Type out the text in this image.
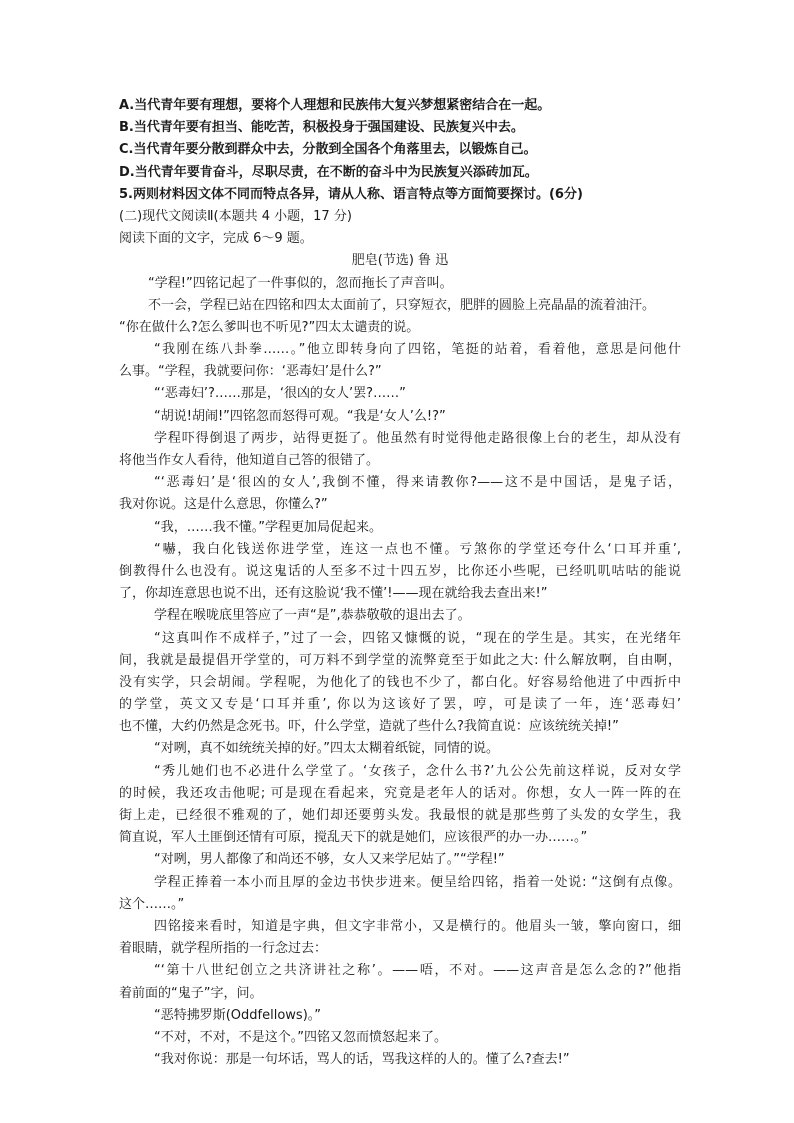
A.当代青年要有理想，要将个人理想和民族伟大复兴梦想紧密结合在一起。
B.当代青年要有担当、能吃苦，积极投身于强国建设、民族复兴中去。
C.当代青年要分散到群众中去，分散到全国各个角落里去，以锻炼自己。
D.当代青年要肯奋斗，尽职尽责，在不断的奋斗中为民族复兴添砖加瓦。
5.两则材料因文体不同而特点各异，请从人称、语言特点等方面简要探讨。(6分)
(二)现代文阅读Ⅱ(本题共 4 小题，17 分)
阅读下面的文字，完成 6～9 题。
肥皂(节选) 鲁 迅
“学程!”四铭记起了一件事似的，忽而拖长了声音叫。
不一会，学程已站在四铭和四太太面前了，只穿短衣，肥胖的圆脸上亮晶晶的流着油汗。
“你在做什么?怎么爹叫也不听见?”四太太谴责的说。
“我刚在练八卦拳……。”他立即转身向了四铭，笔挺的站着，看着他，意思是问他什
么事。“学程，我就要问你：‘恶毒妇’是什么?”
“‘恶毒妇’?……那是，‘很凶的女人’罢?……”
“胡说!胡闹!”四铭忽而怒得可观。“我是‘女人’么!?”
学程吓得倒退了两步，站得更挺了。他虽然有时觉得他走路很像上台的老生，却从没有
将他当作女人看待，他知道自己答的很错了。
“‘恶毒妇’是‘很凶的女人’,我倒不懂，得来请教你?——这不是中国话，是鬼子话，
我对你说。这是什么意思，你懂么?”
“我，……我不懂。”学程更加局促起来。
“嚇，我白化钱送你进学堂，连这一点也不懂。亏煞你的学堂还夸什么‘口耳并重’,
倒教得什么也没有。说这鬼话的人至多不过十四五岁，比你还小些呢，已经叽叽咕咕的能说
了，你却连意思也说不出，还有这脸说‘我不懂’!——现在就给我去查出来!”
学程在喉咙底里答应了一声“是”,恭恭敬敬的退出去了。
“这真叫作不成样子，”过了一会，四铭又慷慨的说，“现在的学生是。其实，在光绪年
间，我就是最提倡开学堂的，可万料不到学堂的流弊竟至于如此之大: 什么解放啊，自由啊，
没有实学，只会胡闹。学程呢，为他化了的钱也不少了，都白化。好容易给他进了中西折中
的学堂，英文又专是‘口耳并重’, 你以为这该好了罢，哼，可是读了一年，连‘恶毒妇’
也不懂，大约仍然是念死书。吓，什么学堂，造就了些什么?我简直说：应该统统关掉!”
“对咧，真不如统统关掉的好。”四太太糊着纸锭，同情的说。
“秀儿她们也不必进什么学堂了。‘女孩子，念什么书?’九公公先前这样说，反对女学
的时候，我还攻击他呢; 可是现在看起来，究竟是老年人的话对。你想，女人一阵一阵的在
街上走，已经很不雅观的了，她们却还要剪头发。我最恨的就是那些剪了头发的女学生，我
简直说，军人土匪倒还情有可原，搅乱天下的就是她们，应该很严的办一办……。”
“对咧，男人都像了和尚还不够，女人又来学尼姑了。”“学程!”
学程正捧着一本小而且厚的金边书快步进来。便呈给四铭，指着一处说: “这倒有点像。
这个……。”
四铭接来看时，知道是字典，但文字非常小，又是横行的。他眉头一皱，擎向窗口，细
着眼睛，就学程所指的一行念过去：
“‘第十八世纪创立之共济讲社之称’。——唔，不对。——这声音是怎么念的?”他指
着前面的“鬼子”字，问。
“恶特拂罗斯(Oddfellows)。”
“不对，不对，不是这个。”四铭又忽而愤怒起来了。
“我对你说：那是一句坏话，骂人的话，骂我这样的人的。懂了么?查去!”
